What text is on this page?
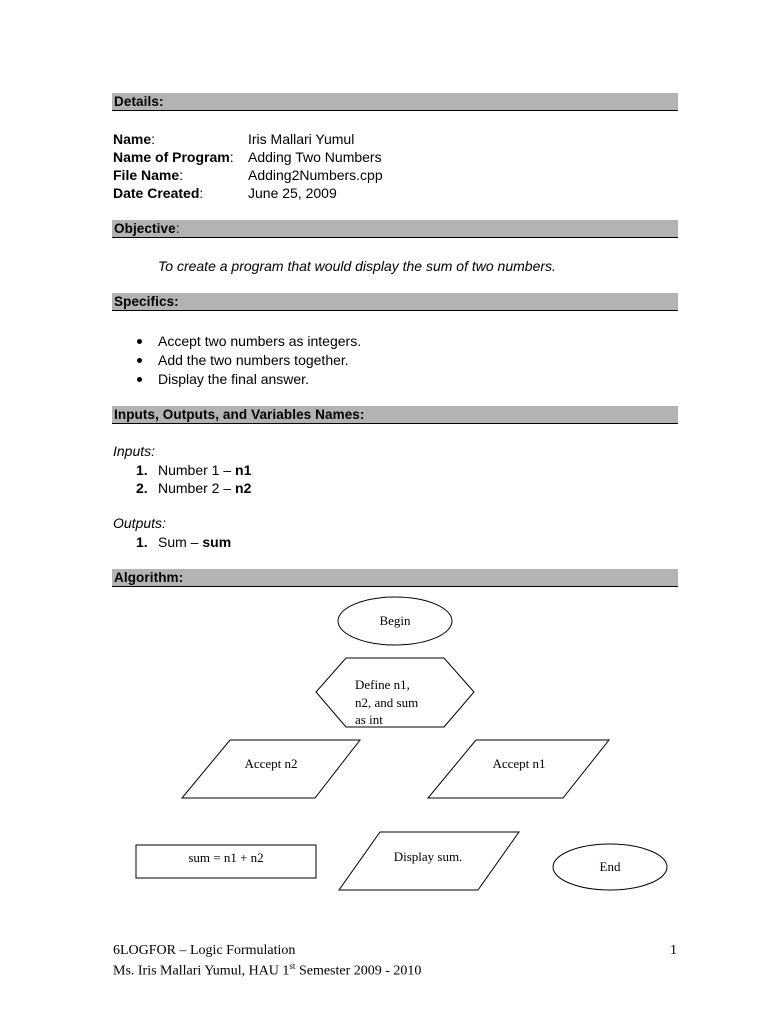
Details:
Name:	Iris Mallari Yumul
Name of Program: Adding Two Numbers
File Name:	Adding2Numbers.cpp
Date Created:	June 25, 2009
Objective:
To create a program that would display the sum of two numbers.
Specifics:
Accept two numbers as integers.
Add the two numbers together.
Display the final answer.
Inputs, Outputs, and Variables Names:
Inputs:
1. Number 1 – n1
2. Number 2 – n2
Outputs:
1. Sum – sum
Algorithm:
Begin
Define n1,
n2, and sum
as int
Accept n2	Accept n1
sum = n1 + n2	Display sum.
End
6LOGFOR – Logic Formulation
Ms. Iris Mallari Yumul, HAU 1st Semester 2009 - 2010
1
